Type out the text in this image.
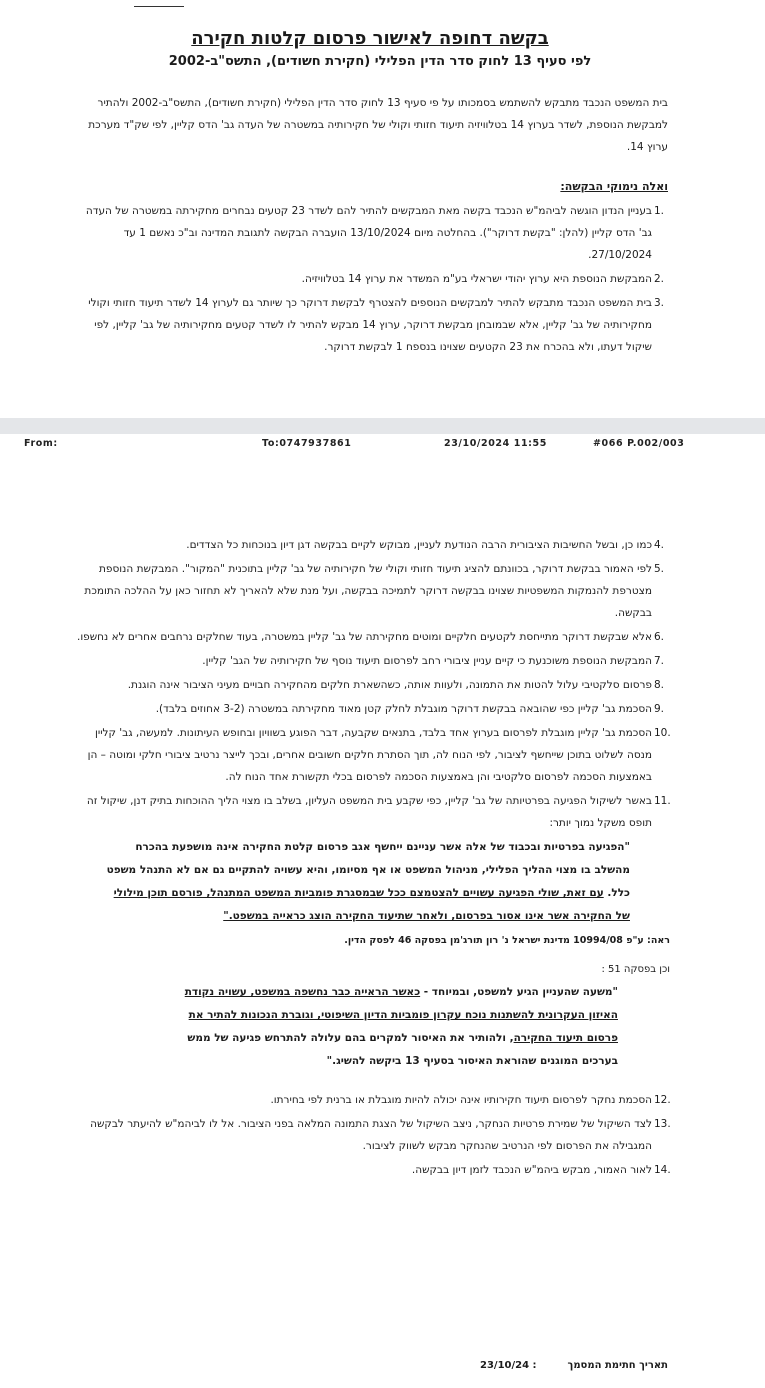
בקשה דחופה לאישור פרסום קלטות חקירה
לפי סעיף 13 לחוק סדר הדין הפלילי (חקירת חשודים), התשס"ב-2002
בית המשפט הנכבד מתבקש להשתמש בסמכותו על פי סעיף 13 לחוק סדר הדין הפלילי (חקירת חשודים), התשס"ב-2002 ולהתיר למבקשת הנוספת, לשדר בערוץ 14 בטלוויזיה תיעוד חזותי וקולי של חקירותיה במשטרה של העדה גב' הדס קליין, לפי שק"ד מערכת ערוץ 14.
ואלה נימוקי הבקשה:
1.
בעניין הנדון הוגשה לביהמ"ש הנכבד בקשה מאת המבקשים להתיר להם לשדר 23 קטעים נבחרים מחקירתה במשטרה של העדה גב' הדס קליין (להלן: "בקשת דרוקר"). בהחלטה מיום 13/10/2024 הועברה הבקשה לתגובת המדינה וב"כ נאשם 1 עד 27/10/2024.
2.
המבקשת הנוספת היא ערוץ יהודי ישראלי בע"מ המשדר את ערוץ 14 בטלוויזיה.
3.
בית המשפט הנכבד מתבקש להתיר למבקשים הנוספים להצטרף לבקשת דרוקר כך שיותר גם לערוץ 14 לשדר תיעוד חזותי וקולי מחקירותיה של גב' קליין, אלא שבמובחן מבקשת דרוקר, ערוץ 14 מבקש להתיר לו לשדר קטעים מחקירותיה של גב' קליין, לפי שיקול דעתו, ולא בהכרח את 23 הקטעים שצוינו בנספח 1 לבקשת דרוקר.
From:	To:0747937861	23/10/2024 11:55	#066 P.002/003
4.
כמו כן, ובשל החשיבות הציבורית הרבה הנודעת לעניין, מבוקש לקיים בבקשה דגן דיון בנוכחות כל הצדדים.
5.
לפי האמור בבקשת דרוקר, בכוונתם להציג תיעוד חזותי וקולי של חקירותיה של גב' קליין בתוכנית "המקור". המבקשת הנוספת מצטרפת להנמקות המשפטיות שצוינו בבקשה דרוקר לתמיכה בבקשה, ועל מנת שלא להאריך לא תחזור כאן על ההלכה התומכת בבקשה.
6.
אלא שבקשת דרוקר מתייחסת לקטעים חלקיים ומוטים מחקירתה של גב' קליין במשטרה, בעוד שחלקים נרחבים אחרים לא נחשפו.
7.
המבקשת הנוספת משוכנעת כי קיים עניין ציבורי רחב לפרסום תיעוד נוסף של חקירותיה של הגב' קליין.
8.
פרסום סלקטיבי עלול להטות את התמונה, ולעוות אותה, כשהשארת חלקים מהחקירה חבויים מעיני הציבור אינה הוגנת.
9.
הסכמת גב' קליין כפי שהובאה בבקשת דרוקר מוגבלת לחלק קטן מאוד מחקירתה במשטרה (3-2 אחוזים בלבד).
10.
הסכמת גב' קליין מוגבלת לפרסום בערוץ אחד בלבד, בתנאים שקבעה, דבר הפוגע בשוויון ובחופש העיתונות. למעשה, גב' קליין מנסה לשלוט בתוכן שייחשף לציבור, לפי הנוח לה, תוך הסתרת חלקים חשובים אחרים, ובכך לייצר נרטיב ציבורי חלקי ומוטה – הן באמצעות הסכמה לפרסום סלקטיבי והן באמצעות הסכמה לפרסום בכלי תקשורת אחד הנוח לה.
11.
באשר לשיקול הפגיעה בפרטיותה של גב' קליין, כפי שקבע בית המשפט העליון, בשלב בו מצוי הליך ההוכחות בתיק דנן, שיקול זה תופס משקל נמוך יותר:
"הפגיעה בפרטיות ובכבוד של אלה אשר עניינם ייחשף אגב פרסום קלטת החקירה אינה מושפעת בהכרח מהשלב בו מצוי ההליך הפלילי, מניהול המשפט או אף מסיומו, והיא עשויה להתקיים גם אם לא התנהל משפט כלל. עם זאת, שולי הפגיעה עשויים להצטמצם ככל שבמסגרת פומביות המשפט המתנהל, פורסם תוכן מילולי של החקירה אשר אינו אסור בפרסום, ולאחר שתיעוד החקירה הוצג כראייה במשפט."
ראה: ע"פ 10994/08 מדינת ישראל נ' רון תורג'מן בפסקה 46 לפסק הדין.
וכן בפסקה 51 :
"משעה שהעניין הגיע למשפט, ובמיוחד - כאשר הראייה כבר נחשפה במשפט, עשויה נקודת האיזון העקרונית להשתנות נוכח עקרון פומביות הדיון השיפוטי, וגוברת הנכונות להתיר את פרסום תיעוד החקירה, ולהותיר את האיסור למקרים בהם עלולה להתרחש פגיעה של ממש בערכים המוגנים שהוראת האיסור בסעיף 13 ביקשה להשיג."
12.
הסכמת נחקר לפרסום תיעוד חקירותיו אינה יכולה להיות מוגבלת או ברנית לפי בחירתו.
13.
לצד השיקול של שמירת פרטיות הנחקר, ניצב השיקול של הצגת התמונה המלאה בפני הציבור. אל לו לביהמ"ש להיעתר לבקשה המגבילה את הפרסום לפי הנרטיב שהנחקר מבקש לשווק לציבור.
14.
לאור האמור, מבקש ביהמ"ש הנכבד לזמן דיון בבקשה.
תאריך חתימת המסמך
23/10/24 :
